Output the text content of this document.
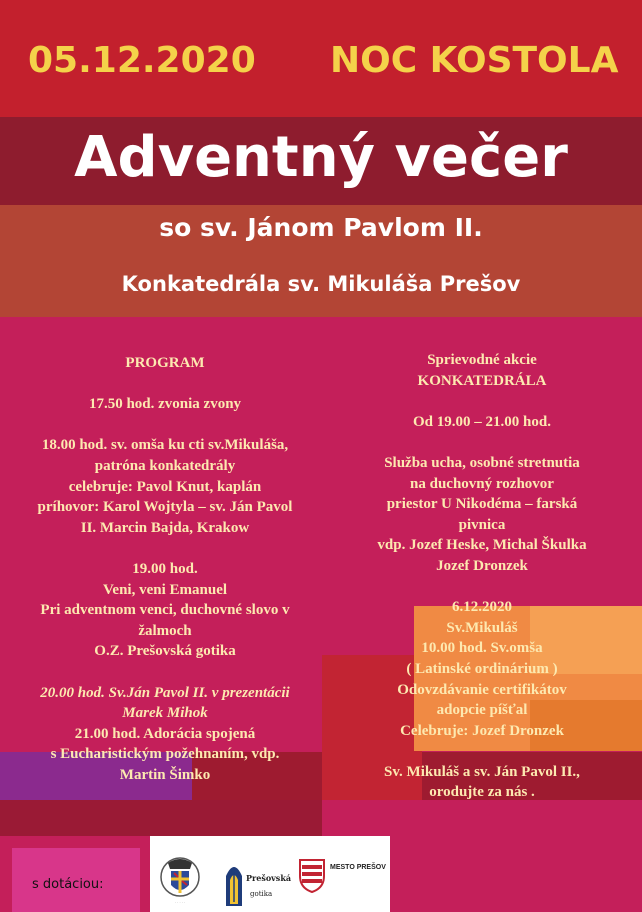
05.12.2020 NOC KOSTOLA
Adventný večer
so sv. Jánom Pavlom II.
Konkatedrála sv. Mikuláša Prešov
PROGRAM
17.50 hod. zvonia zvony
18.00 hod. sv. omša ku cti sv.Mikuláša,
patróna konkatedrály
celebruje: Pavol Knut, kaplán
príhovor: Karol Wojtyla – sv. Ján Pavol
II. Marcin Bajda, Krakow
19.00 hod.
Veni, veni Emanuel
Pri adventnom venci, duchovné slovo v
žalmoch
O.Z. Prešovská gotika
20.00 hod. Sv.Ján Pavol II. v prezentácii
Marek Mihok
21.00 hod. Adorácia spojená
s Eucharistickým požehnaním, vdp.
Martin Šimko
Sprievodné akcie
KONKATEDRÁLA
Od 19.00 – 21.00 hod.
Služba ucha, osobné stretnutia
na duchovný rozhovor
priestor U Nikodéma – farská
pivnica
vdp. Jozef Heske, Michal Škulka
Jozef Dronzek
6.12.2020
Sv.Mikuláš
10.00 hod. Sv.omša
( Latinské ordinárium )
Odovzdávanie certifikátov
adopcie píšťal
Celebruje: Jozef Dronzek
Sv. Mikuláš a sv. Ján Pavol II.,
orodujte za nás .
s dotáciou:
· · · · ·
Prešovská
gotika
MESTO PREŠOV
